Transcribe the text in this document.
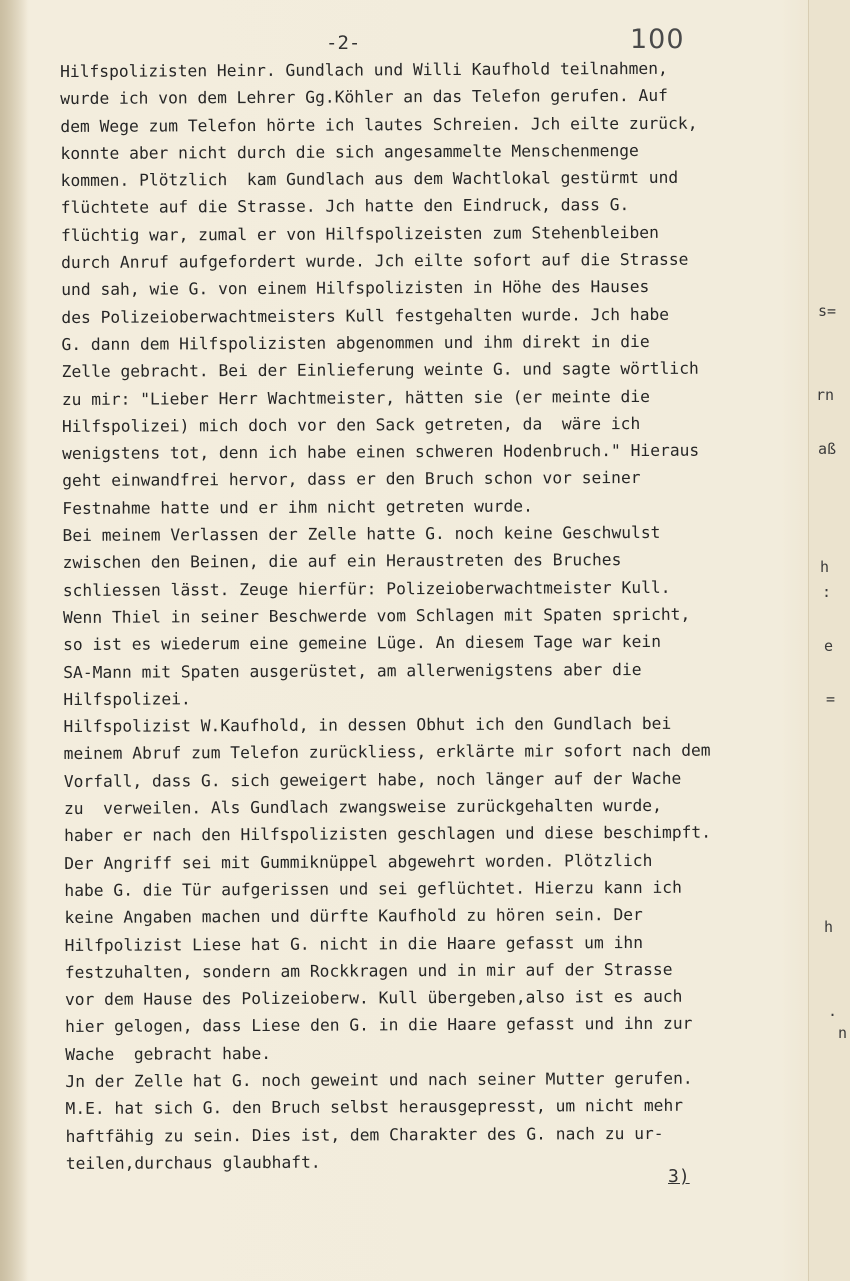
-2-	100
Hilfspolizisten Heinr. Gundlach und Willi Kaufhold teilnahmen,
wurde ich von dem Lehrer Gg.Köhler an das Telefon gerufen. Auf
dem Wege zum Telefon hörte ich lautes Schreien. Jch eilte zurück,
konnte aber nicht durch die sich angesammelte Menschenmenge
kommen. Plötzlich  kam Gundlach aus dem Wachtlokal gestürmt und
flüchtete auf die Strasse. Jch hatte den Eindruck, dass G.
flüchtig war, zumal er von Hilfspolizeisten zum Stehenbleiben
durch Anruf aufgefordert wurde. Jch eilte sofort auf die Strasse
und sah, wie G. von einem Hilfspolizisten in Höhe des Hauses
des Polizeioberwachtmeisters Kull festgehalten wurde. Jch habe
G. dann dem Hilfspolizisten abgenommen und ihm direkt in die
Zelle gebracht. Bei der Einlieferung weinte G. und sagte wörtlich
zu mir: "Lieber Herr Wachtmeister, hätten sie (er meinte die
Hilfspolizei) mich doch vor den Sack getreten, da  wäre ich
wenigstens tot, denn ich habe einen schweren Hodenbruch." Hieraus
geht einwandfrei hervor, dass er den Bruch schon vor seiner
Festnahme hatte und er ihm nicht getreten wurde.
Bei meinem Verlassen der Zelle hatte G. noch keine Geschwulst
zwischen den Beinen, die auf ein Heraustreten des Bruches
schliessen lässt. Zeuge hierfür: Polizeioberwachtmeister Kull.
Wenn Thiel in seiner Beschwerde vom Schlagen mit Spaten spricht,
so ist es wiederum eine gemeine Lüge. An diesem Tage war kein
SA-Mann mit Spaten ausgerüstet, am allerwenigstens aber die
Hilfspolizei.
Hilfspolizist W.Kaufhold, in dessen Obhut ich den Gundlach bei
meinem Abruf zum Telefon zurückliess, erklärte mir sofort nach dem
Vorfall, dass G. sich geweigert habe, noch länger auf der Wache
zu  verweilen. Als Gundlach zwangsweise zurückgehalten wurde,
haber er nach den Hilfspolizisten geschlagen und diese beschimpft.
Der Angriff sei mit Gummiknüppel abgewehrt worden. Plötzlich
habe G. die Tür aufgerissen und sei geflüchtet. Hierzu kann ich
keine Angaben machen und dürfte Kaufhold zu hören sein. Der
Hilfpolizist Liese hat G. nicht in die Haare gefasst um ihn
festzuhalten, sondern am Rockkragen und in mir auf der Strasse
vor dem Hause des Polizeioberw. Kull übergeben,also ist es auch
hier gelogen, dass Liese den G. in die Haare gefasst und ihn zur
Wache  gebracht habe.
Jn der Zelle hat G. noch geweint und nach seiner Mutter gerufen.
M.E. hat sich G. den Bruch selbst herausgepresst, um nicht mehr
haftfähig zu sein. Dies ist, dem Charakter des G. nach zu ur-
teilen,durchaus glaubhaft.
3)
s=
rn
aß
h
:
e
=
h
.
n
